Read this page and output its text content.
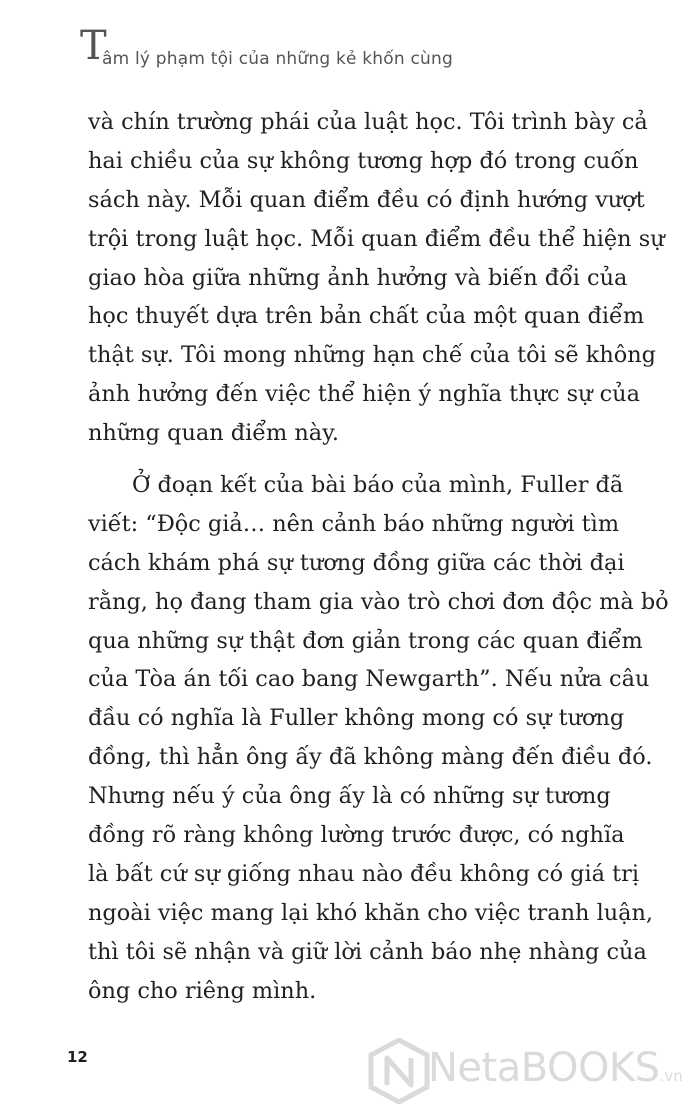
T
âm lý phạm tội của những kẻ khốn cùng

và chín trường phái của luật học. Tôi trình bày cả
hai chiều của sự không tương hợp đó trong cuốn
sách này. Mỗi quan điểm đều có định hướng vượt
trội trong luật học. Mỗi quan điểm đều thể hiện sự
giao hòa giữa những ảnh hưởng và biến đổi của
học thuyết dựa trên bản chất của một quan điểm
thật sự. Tôi mong những hạn chế của tôi sẽ không
ảnh hưởng đến việc thể hiện ý nghĩa thực sự của
những quan điểm này.

Ở đoạn kết của bài báo của mình, Fuller đã
viết: “Độc giả… nên cảnh báo những người tìm
cách khám phá sự tương đồng giữa các thời đại
rằng, họ đang tham gia vào trò chơi đơn độc mà bỏ
qua những sự thật đơn giản trong các quan điểm
của Tòa án tối cao bang Newgarth”. Nếu nửa câu
đầu có nghĩa là Fuller không mong có sự tương
đồng, thì hẳn ông ấy đã không màng đến điều đó.
Nhưng nếu ý của ông ấy là có những sự tương
đồng rõ ràng không lường trước được, có nghĩa
là bất cứ sự giống nhau nào đều không có giá trị
ngoài việc mang lại khó khăn cho việc tranh luận,
thì tôi sẽ nhận và giữ lời cảnh báo nhẹ nhàng của
ông cho riêng mình.

12	NetaBOOKS.vn
